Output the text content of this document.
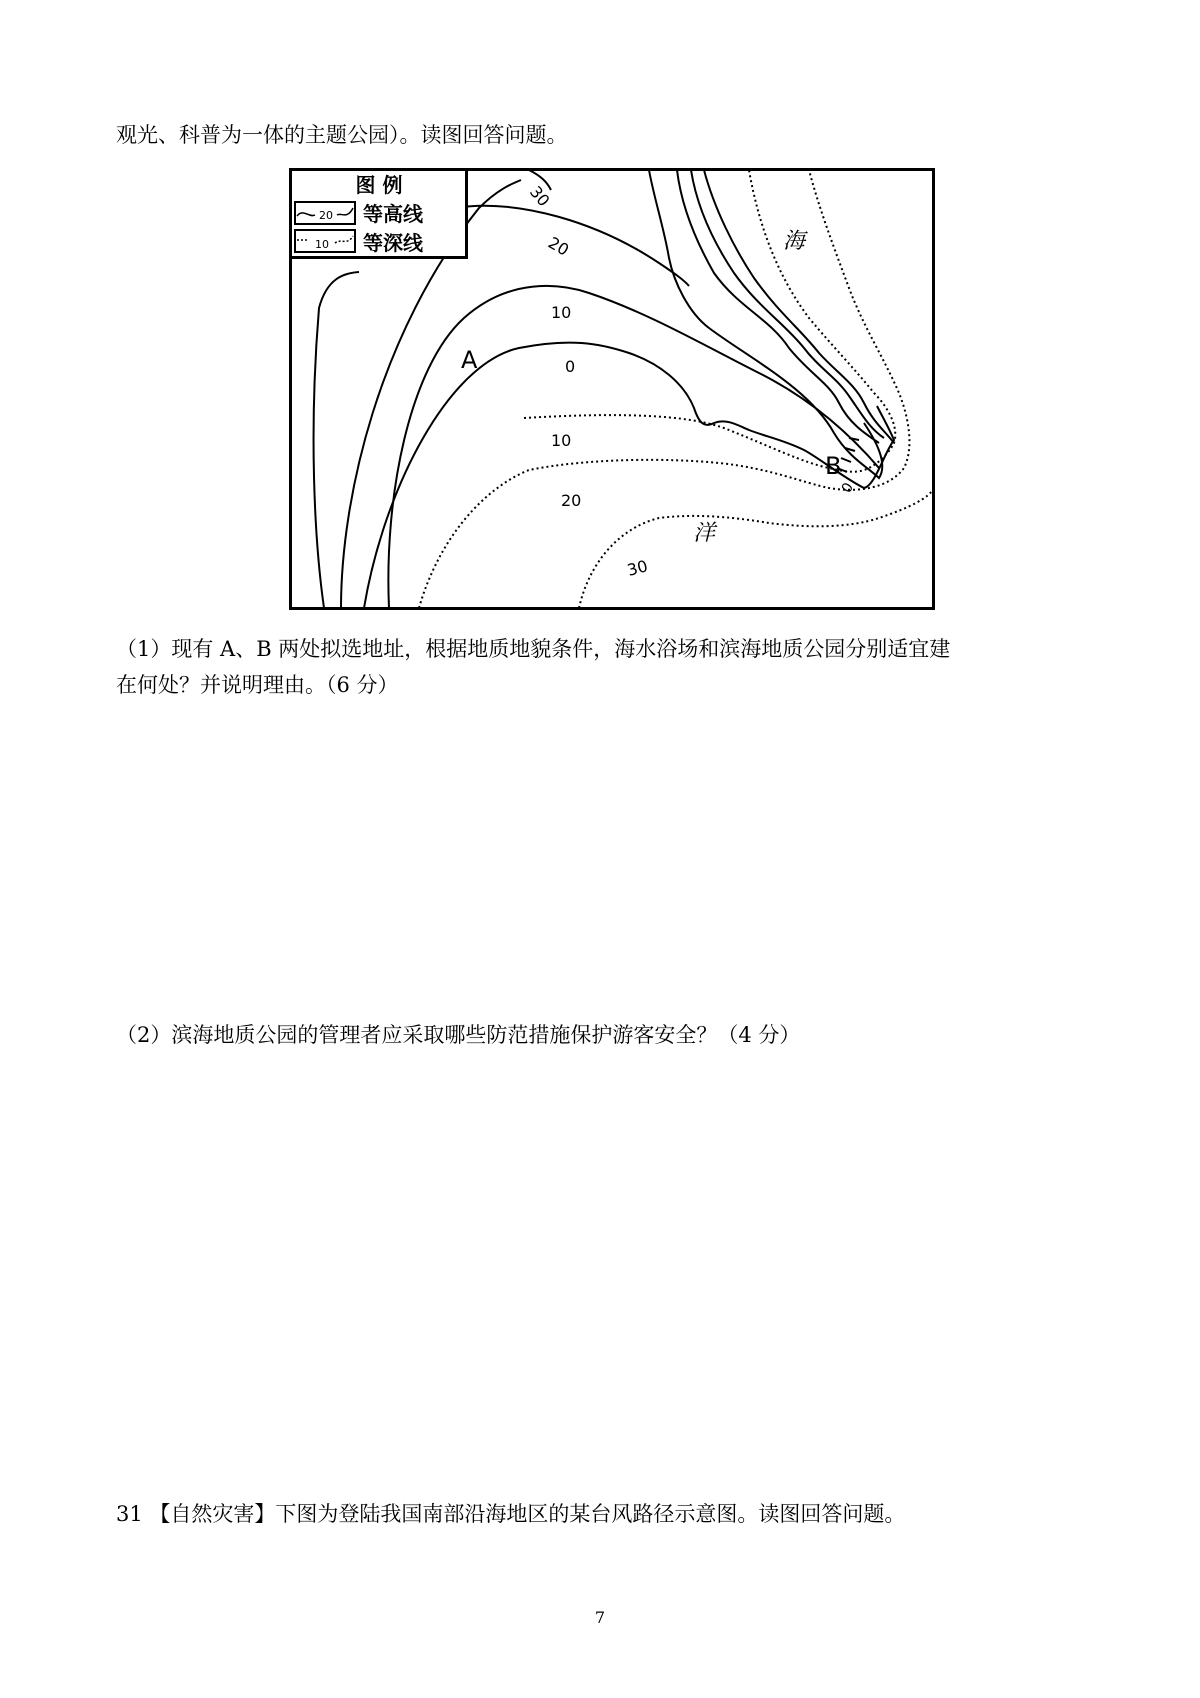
观光、科普为一体的主题公园）。读图回答问题。
图 例
20 等高线
10 等深线
30
20
10
0
10
20
30
A
B
0
海
洋
（1）现有 A、B 两处拟选地址，根据地质地貌条件，海水浴场和滨海地质公园分别适宜建
在何处？并说明理由。（6 分）
（2）滨海地质公园的管理者应采取哪些防范措施保护游客安全？（4 分）
31 【自然灾害】下图为登陆我国南部沿海地区的某台风路径示意图。读图回答问题。
7
